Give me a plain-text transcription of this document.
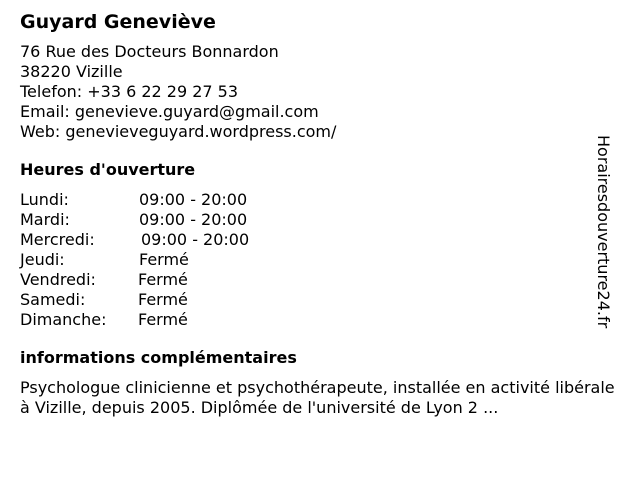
Guyard Geneviève
76 Rue des Docteurs Bonnardon
38220 Vizille
Telefon: +33 6 22 29 27 53
Email: genevieve.guyard@gmail.com
Web: genevieveguyard.wordpress.com/
Heures d'ouverture
Lundi:	09:00 - 20:00
Mardi:	09:00 - 20:00
Mercredi:	09:00 - 20:00
Jeudi:	Fermé
Vendredi:	Fermé
Samedi:	Fermé
Dimanche: Fermé
informations complémentaires
Psychologue clinicienne et psychothérapeute, installée en activité libérale à Vizille, depuis 2005. Diplômée de l'université de Lyon 2 ...
Horairesdouverture24.fr
